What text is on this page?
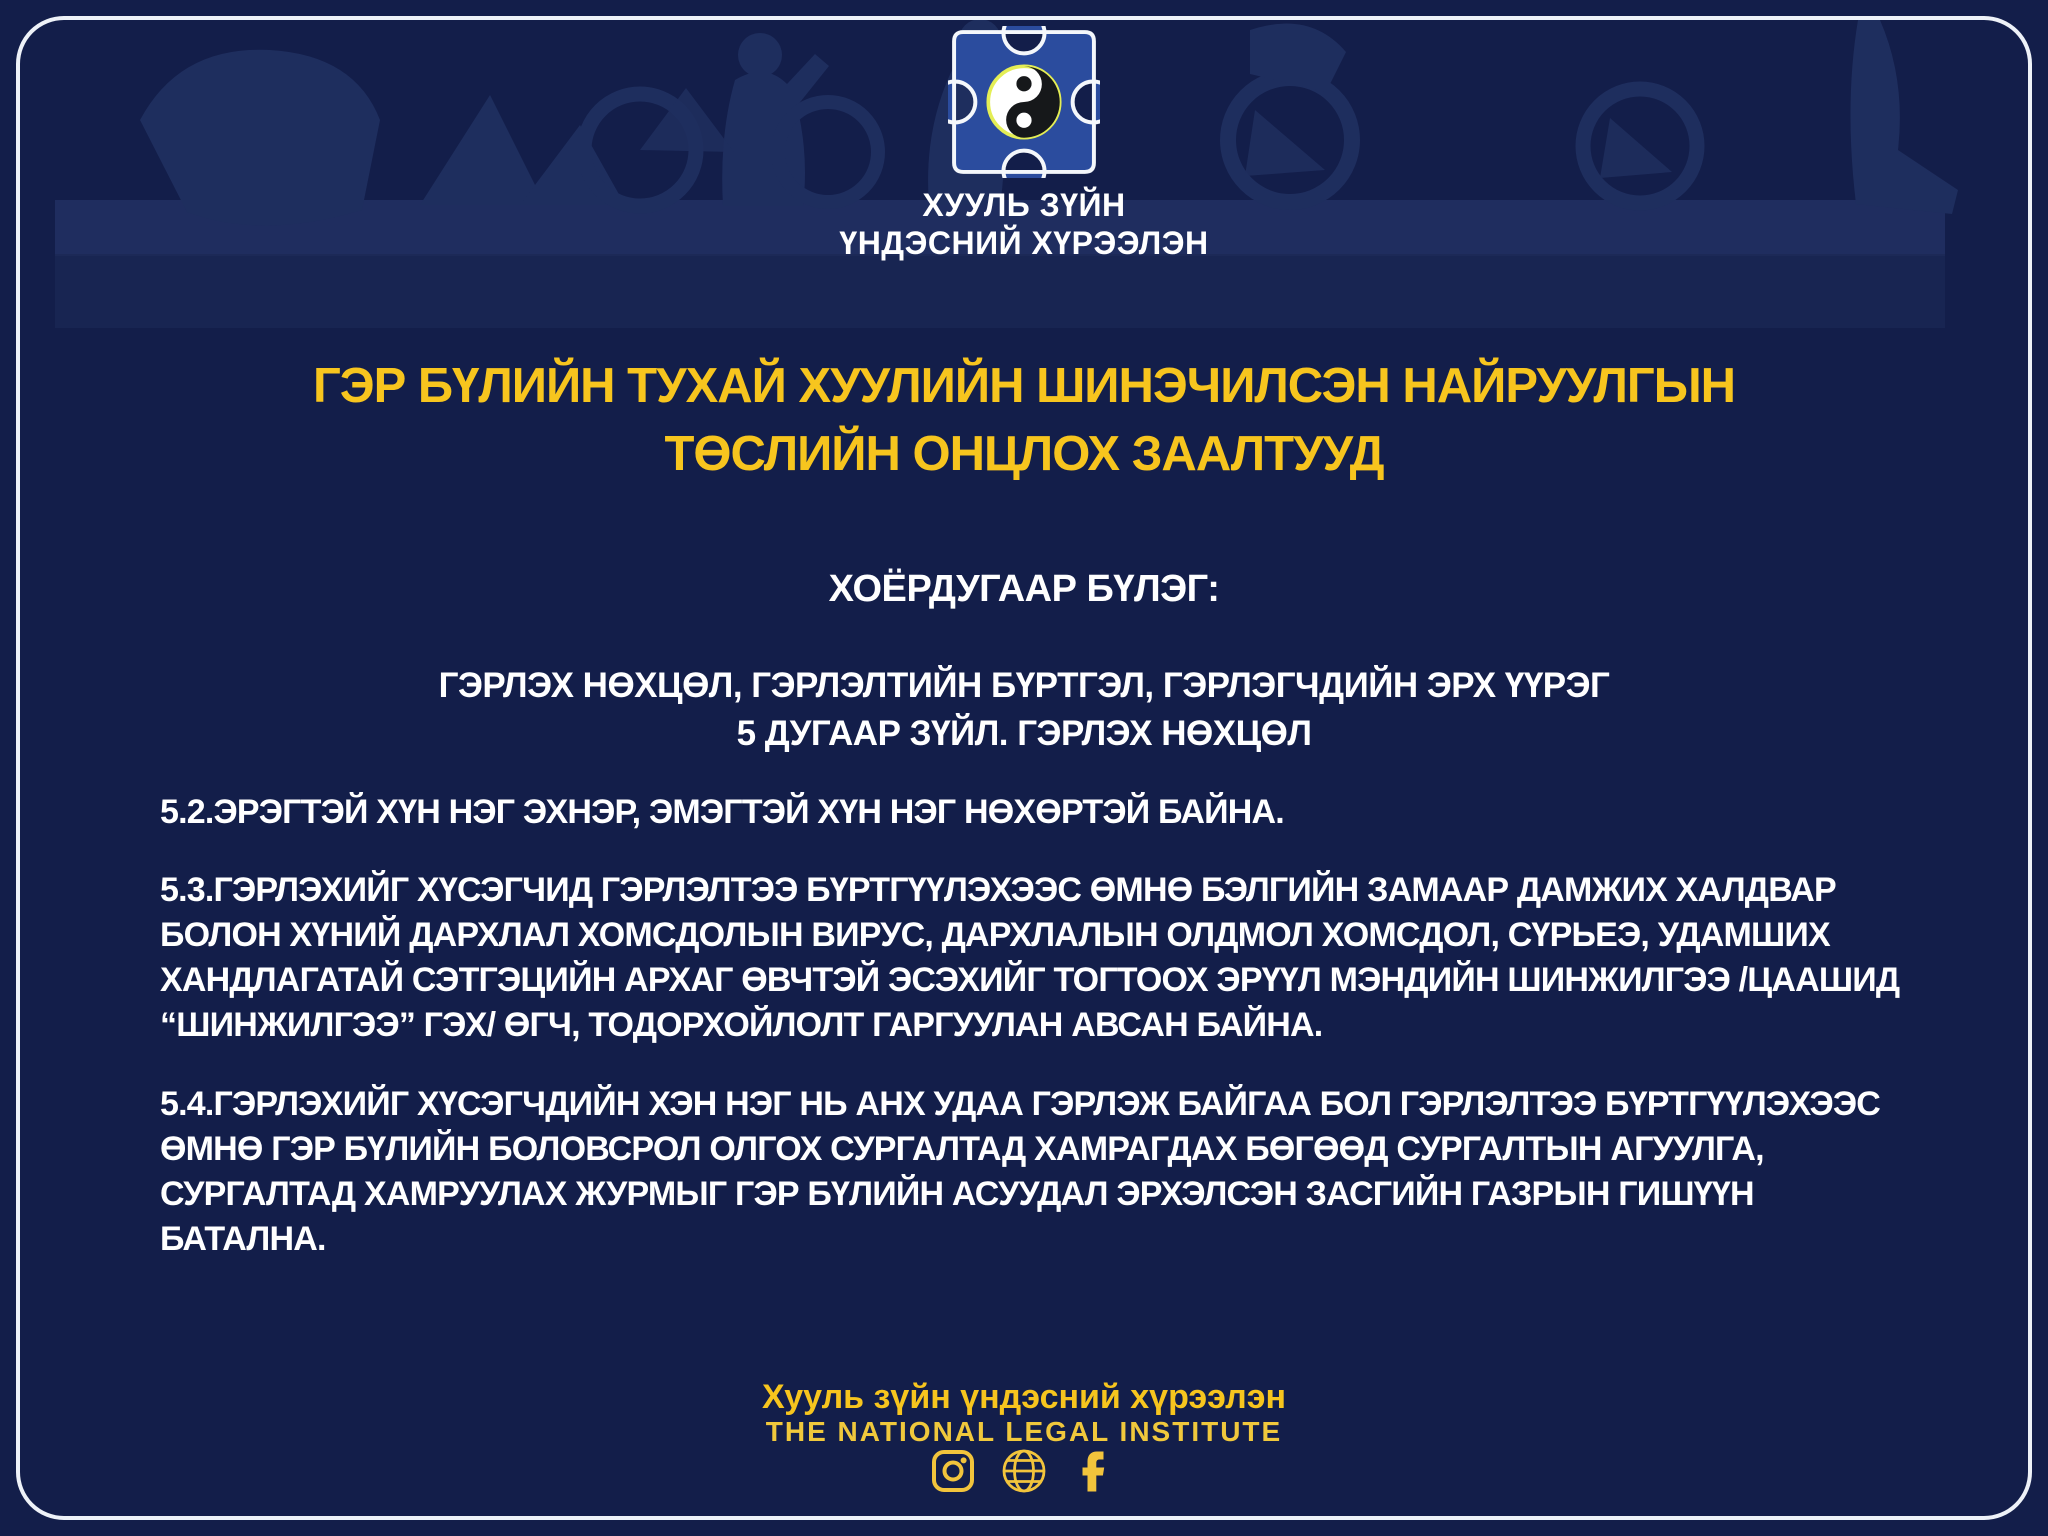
ХУУЛЬ ЗҮЙН
ҮНДЭСНИЙ ХҮРЭЭЛЭН
ГЭР БҮЛИЙН ТУХАЙ ХУУЛИЙН ШИНЭЧИЛСЭН НАЙРУУЛГЫН
ТӨСЛИЙН ОНЦЛОХ ЗААЛТУУД
ХОЁРДУГААР БҮЛЭГ:
ГЭРЛЭХ НӨХЦӨЛ, ГЭРЛЭЛТИЙН БҮРТГЭЛ, ГЭРЛЭГЧДИЙН ЭРХ ҮҮРЭГ
5 ДУГААР ЗҮЙЛ. ГЭРЛЭХ НӨХЦӨЛ
5.2.ЭРЭГТЭЙ ХҮН НЭГ ЭХНЭР, ЭМЭГТЭЙ ХҮН НЭГ НӨХӨРТЭЙ БАЙНА.
5.3.ГЭРЛЭХИЙГ ХҮСЭГЧИД ГЭРЛЭЛТЭЭ БҮРТГҮҮЛЭХЭЭС ӨМНӨ БЭЛГИЙН ЗАМААР ДАМЖИХ ХАЛДВАР БОЛОН ХҮНИЙ ДАРХЛАЛ ХОМСДОЛЫН ВИРУС, ДАРХЛАЛЫН ОЛДМОЛ ХОМСДОЛ, СҮРЬЕЭ, УДАМШИХ ХАНДЛАГАТАЙ СЭТГЭЦИЙН АРХАГ ӨВЧТЭЙ ЭСЭХИЙГ ТОГТООХ ЭРҮҮЛ МЭНДИЙН ШИНЖИЛГЭЭ /ЦААШИД “ШИНЖИЛГЭЭ” ГЭХ/ ӨГЧ, ТОДОРХОЙЛОЛТ ГАРГУУЛАН АВСАН БАЙНА.
5.4.ГЭРЛЭХИЙГ ХҮСЭГЧДИЙН ХЭН НЭГ НЬ АНХ УДАА ГЭРЛЭЖ БАЙГАА БОЛ ГЭРЛЭЛТЭЭ БҮРТГҮҮЛЭХЭЭС ӨМНӨ ГЭР БҮЛИЙН БОЛОВСРОЛ ОЛГОХ СУРГАЛТАД ХАМРАГДАХ БӨГӨӨД СУРГАЛТЫН АГУУЛГА, СУРГАЛТАД ХАМРУУЛАХ ЖУРМЫГ ГЭР БҮЛИЙН АСУУДАЛ ЭРХЭЛСЭН ЗАСГИЙН ГАЗРЫН ГИШҮҮН БАТАЛНА.
Хууль зүйн үндэсний хүрээлэн
THE NATIONAL LEGAL INSTITUTE
